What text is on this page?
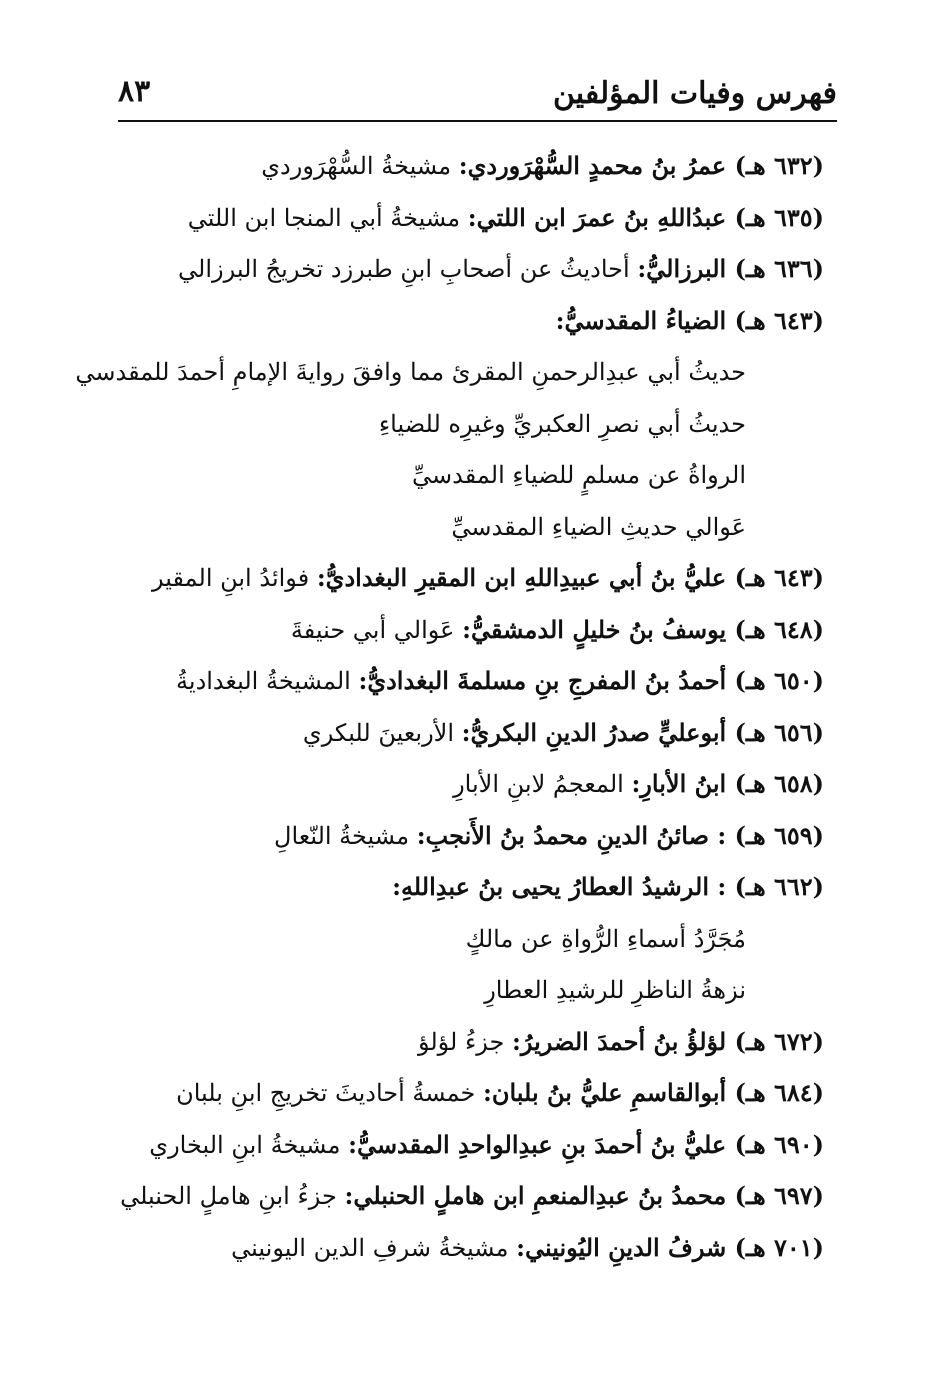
فهرس وفيات المؤلفين
٨٣
(٦٣٢ هـ) عمرُ بنُ محمدٍ السُّهْرَوردي: مشيخةُ السُّهْرَوردي
(٦٣٥ هـ) عبدُاللهِ بنُ عمرَ ابن اللتي: مشيخةُ أبي المنجا ابن اللتي
(٦٣٦ هـ) البرزاليُّ: أحاديثُ عن أصحابِ ابنِ طبرزد تخريجُ البرزالي
(٦٤٣ هـ) الضياءُ المقدسيُّ:
حديثُ أبي عبدِالرحمنِ المقرئ مما وافقَ روايةَ الإمامِ أحمدَ للمقدسي
حديثُ أبي نصرِ العكبريِّ وغيرِه للضياءِ
الرواةُ عن مسلمٍ للضياءِ المقدسيِّ
عَوالي حديثِ الضياءِ المقدسيِّ
(٦٤٣ هـ) عليُّ بنُ أبي عبيدِاللهِ ابن المقيرِ البغداديُّ: فوائدُ ابنِ المقير
(٦٤٨ هـ) يوسفُ بنُ خليلٍ الدمشقيُّ: عَوالي أبي حنيفةَ
(٦٥٠ هـ) أحمدُ بنُ المفرجِ بنِ مسلمةَ البغداديُّ: المشيخةُ البغداديةُ
(٦٥٦ هـ) أبوعليٍّ صدرُ الدينِ البكريُّ: الأربعينَ للبكري
(٦٥٨ هـ) ابنُ الأبارِ: المعجمُ لابنِ الأبارِ
(٦٥٩ هـ) : صائنُ الدينِ محمدُ بنُ الأَنجبِ: مشيخةُ النّعالِ
(٦٦٢ هـ) : الرشيدُ العطارُ يحيى بنُ عبدِاللهِ:
مُجَرَّدُ أسماءِ الرُّواةِ عن مالكٍ
نزهةُ الناظرِ للرشيدِ العطارِ
(٦٧٢ هـ) لؤلؤُ بنُ أحمدَ الضريرُ: جزءُ لؤلؤ
(٦٨٤ هـ) أبوالقاسمِ عليُّ بنُ بلبان: خمسةُ أحاديثَ تخريجِ ابنِ بلبان
(٦٩٠ هـ) عليُّ بنُ أحمدَ بنِ عبدِالواحدِ المقدسيُّ: مشيخةُ ابنِ البخاري
(٦٩٧ هـ) محمدُ بنُ عبدِالمنعمِ ابن هاملٍ الحنبلي: جزءُ ابنِ هاملٍ الحنبلي
(٧٠١ هـ) شرفُ الدينِ اليُونيني: مشيخةُ شرفِ الدين اليونيني
